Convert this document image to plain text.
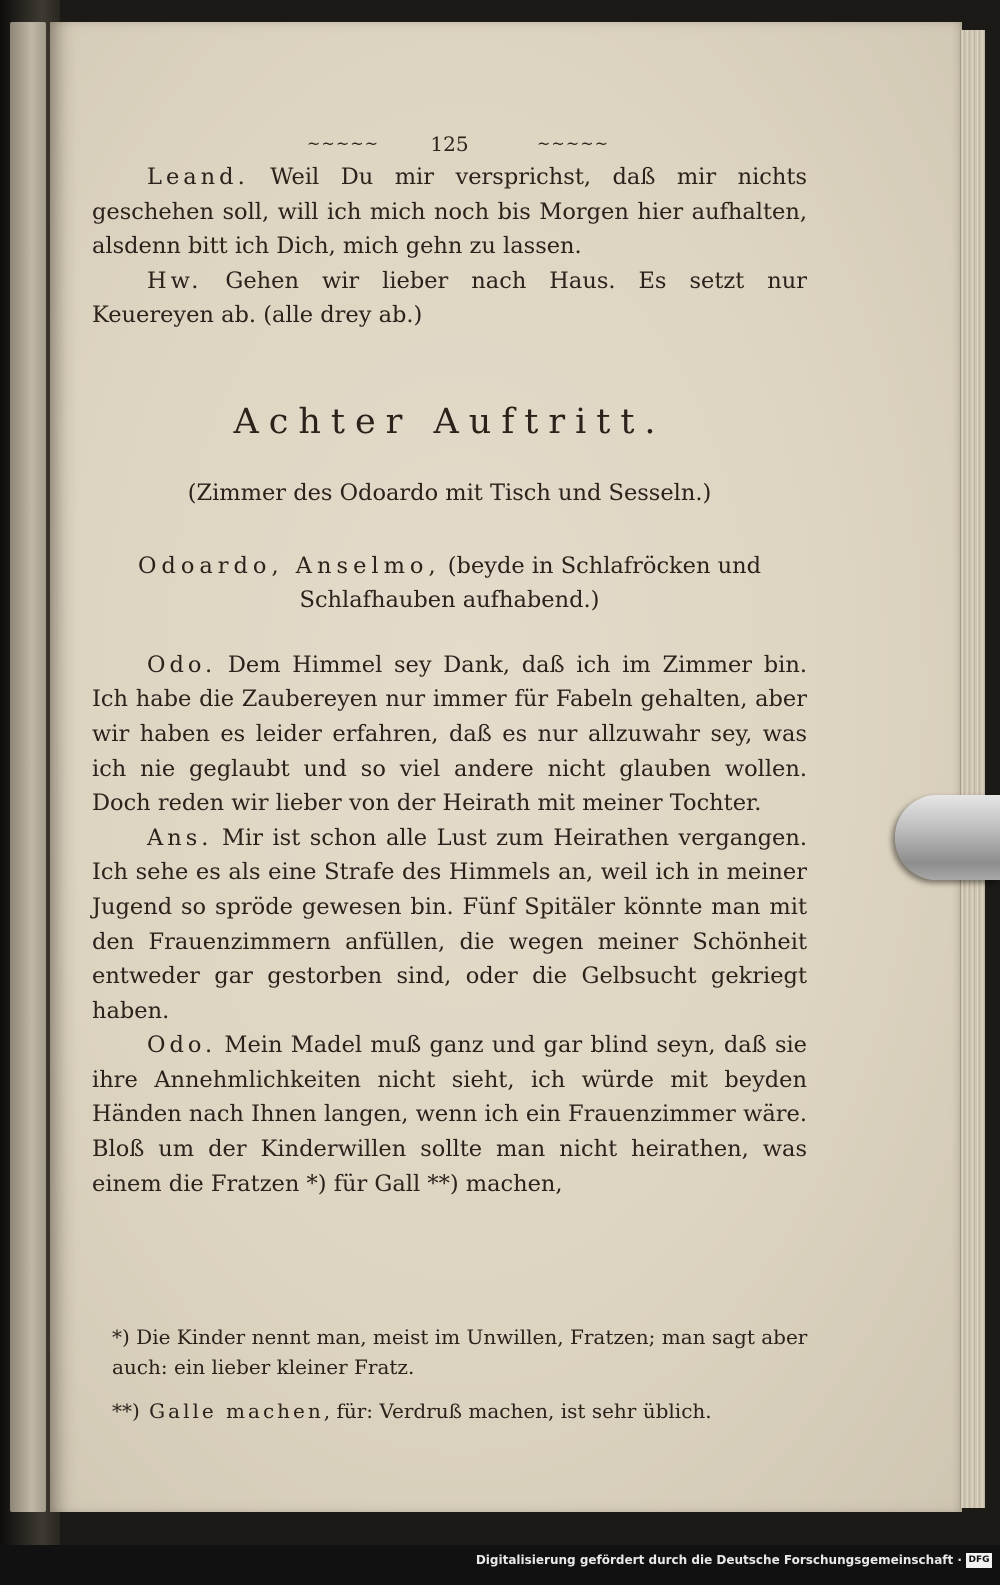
~~~~~	125	~~~~~

Leand. Weil Du mir versprichst, daß mir nichts geschehen soll, will ich mich noch bis Morgen hier aufhalten, alsdenn bitt ich Dich, mich gehn zu lassen.

Hw. Gehen wir lieber nach Haus. Es setzt nur Keuereyen ab. (alle drey ab.)

Achter Auftritt.
(Zimmer des Odoardo mit Tisch und Sesseln.)
Odoardo, Anselmo, (beyde in Schlafröcken und
Schlafhauben aufhabend.)

Odo. Dem Himmel sey Dank, daß ich im Zimmer bin. Ich habe die Zaubereyen nur immer für Fabeln gehalten, aber wir haben es leider erfahren, daß es nur allzuwahr sey, was ich nie geglaubt und so viel andere nicht glauben wollen. Doch reden wir lieber von der Heirath mit meiner Tochter.

Ans. Mir ist schon alle Lust zum Heirathen vergangen. Ich sehe es als eine Strafe des Himmels an, weil ich in meiner Jugend so spröde gewesen bin. Fünf Spitäler könnte man mit den Frauenzimmern anfüllen, die wegen meiner Schönheit entweder gar gestorben sind, oder die Gelbsucht gekriegt haben.

Odo. Mein Madel muß ganz und gar blind seyn, daß sie ihre Annehmlichkeiten nicht sieht, ich würde mit beyden Händen nach Ihnen langen, wenn ich ein Frauenzimmer wäre. Bloß um der Kinderwillen sollte man nicht heirathen, was einem die Fratzen *) für Gall **) machen,

*) Die Kinder nennt man, meist im Unwillen, Fratzen; man sagt aber auch: ein lieber kleiner Fratz.

**) Galle machen, für: Verdruß machen, ist sehr üblich.

Digitalisierung gefördert durch die Deutsche Forschungsgemeinschaft · DFG
